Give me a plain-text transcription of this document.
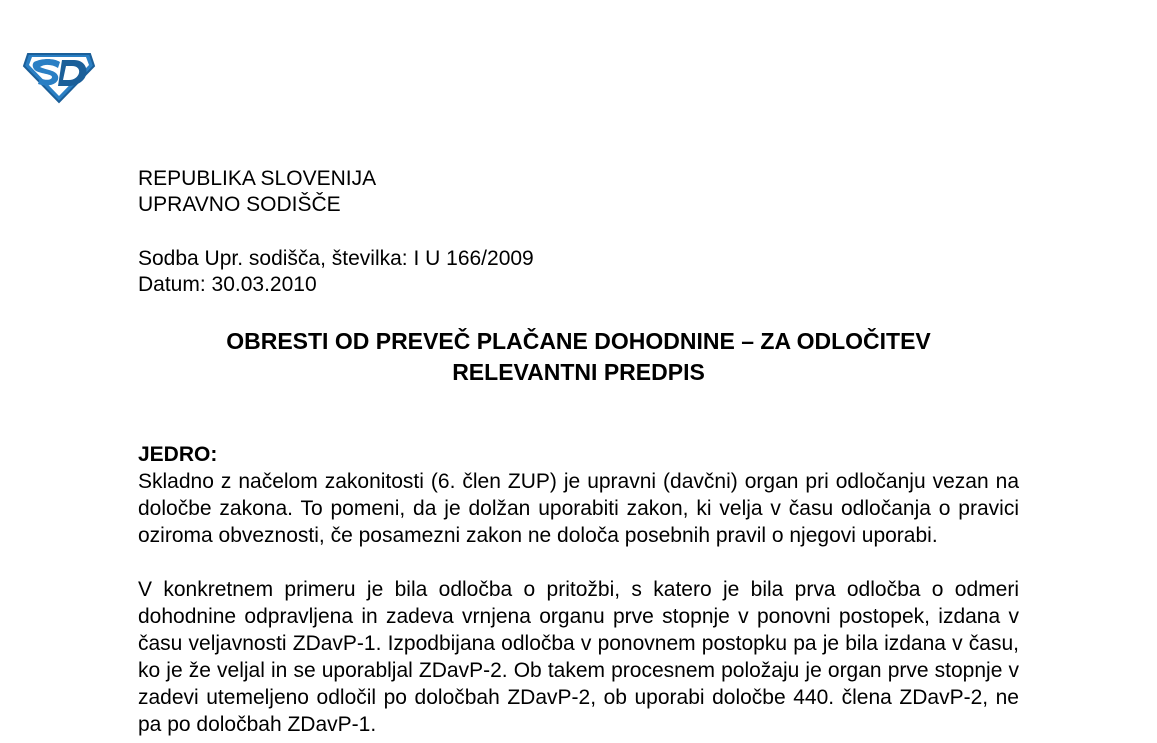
REPUBLIKA SLOVENIJA
UPRAVNO SODIŠČE
Sodba Upr. sodišča, številka: I U 166/2009
Datum: 30.03.2010
OBRESTI OD PREVEČ PLAČANE DOHODNINE – ZA ODLOČITEV
RELEVANTNI PREDPIS

JEDRO:

Skladno z načelom zakonitosti (6. člen ZUP) je upravni (davčni) organ pri odločanju vezan na določbe zakona. To pomeni, da je dolžan uporabiti zakon, ki velja v času odločanja o pravici oziroma obveznosti, če posamezni zakon ne določa posebnih pravil o njegovi uporabi.

V konkretnem primeru je bila odločba o pritožbi, s katero je bila prva odločba o odmeri dohodnine odpravljena in zadeva vrnjena organu prve stopnje v ponovni postopek, izdana v času veljavnosti ZDavP-1. Izpodbijana odločba v ponovnem postopku pa je bila izdana v času, ko je že veljal in se uporabljal ZDavP-2. Ob takem procesnem položaju je organ prve stopnje v zadevi utemeljeno odločil po določbah ZDavP-2, ob uporabi določbe 440. člena ZDavP-2, ne pa po določbah ZDavP-1.
